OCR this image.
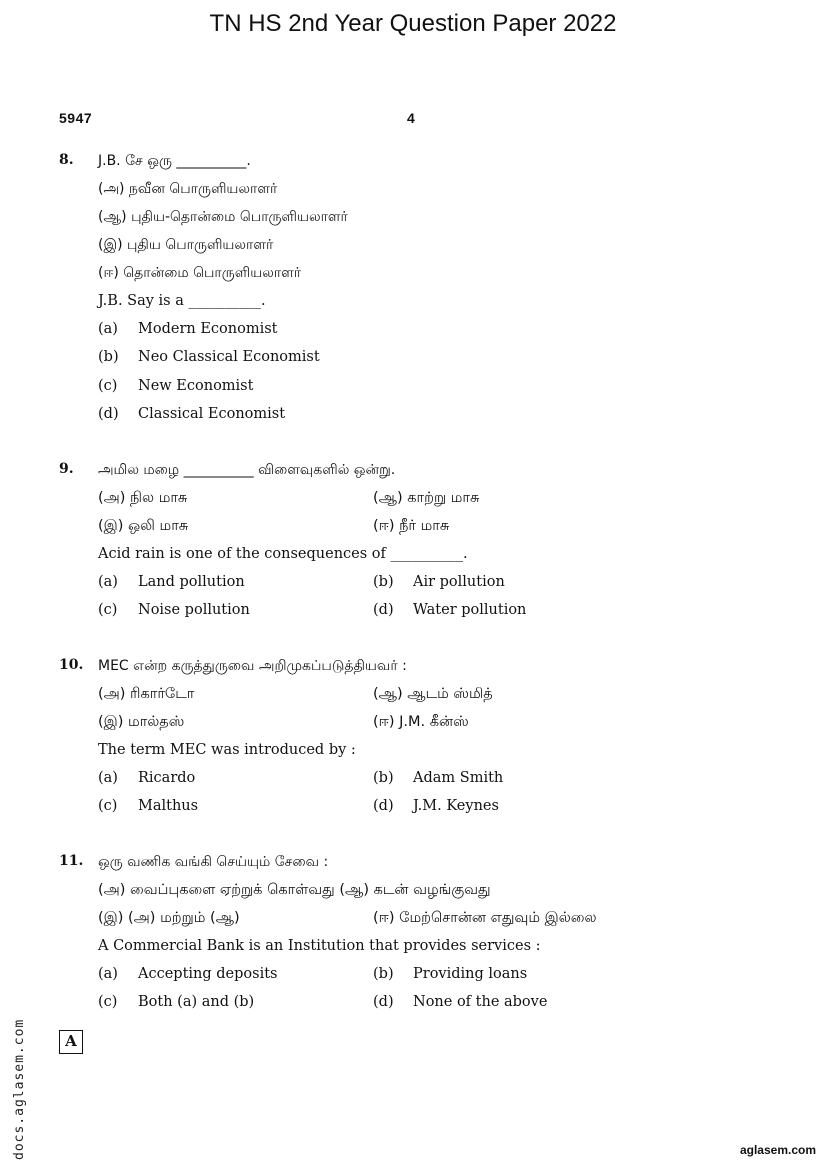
TN HS 2nd Year Question Paper 2022
5947	4
8. J.B. சே ஒரு __________.
(அ) நவீன பொருளியலாளர்
(ஆ) புதிய-தொன்மை பொருளியலாளர்
(இ) புதிய பொருளியலாளர்
(ஈ) தொன்மை பொருளியலாளர்
J.B. Say is a __________.
(a) Modern Economist
(b) Neo Classical Economist
(c) New Economist
(d) Classical Economist
9. அமில மழை __________ விளைவுகளில் ஒன்று.
(அ) நில மாசு	(ஆ) காற்று மாசு
(இ) ஒலி மாசு	(ஈ) நீர் மாசு
Acid rain is one of the consequences of __________.
(a) Land pollution	(b) Air pollution
(c) Noise pollution	(d) Water pollution
10. MEC என்ற கருத்துருவை அறிமுகப்படுத்தியவர் :
(அ) ரிகார்டோ	(ஆ) ஆடம் ஸ்மித்
(இ) மால்தஸ்	(ஈ) J.M. கீன்ஸ்
The term MEC was introduced by :
(a) Ricardo	(b) Adam Smith
(c) Malthus	(d) J.M. Keynes
11. ஒரு வணிக வங்கி செய்யும் சேவை :
(அ) வைப்புகளை ஏற்றுக் கொள்வது (ஆ) கடன் வழங்குவது
(இ) (அ) மற்றும் (ஆ)	(ஈ) மேற்சொன்ன எதுவும் இல்லை
A Commercial Bank is an Institution that provides services :
(a) Accepting deposits	(b) Providing loans
(c) Both (a) and (b)	(d) None of the above
A
docs.aglasem.com	aglasem.com
